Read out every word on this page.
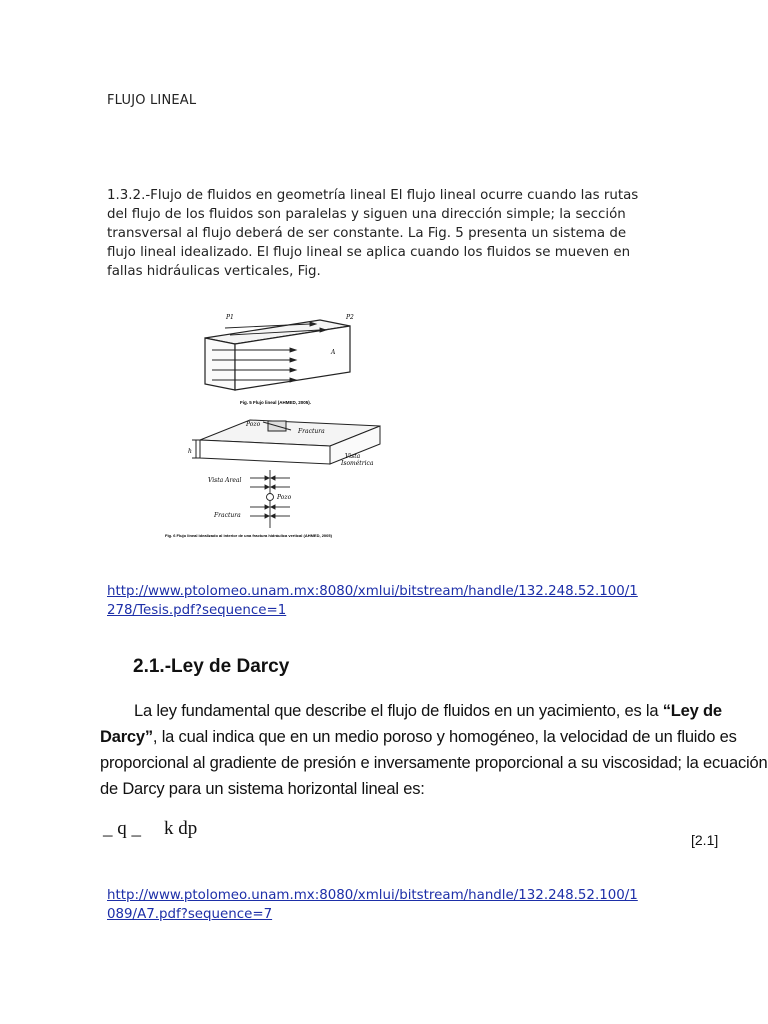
FLUJO LINEAL
1.3.2.-Flujo de fluidos en geometría lineal El flujo lineal ocurre cuando las rutas
del flujo de los fluidos son paralelas y siguen una dirección simple; la sección
transversal al flujo deberá de ser constante. La Fig. 5 presenta un sistema de
flujo lineal idealizado. El flujo lineal se aplica cuando los fluidos se mueven en
fallas hidráulicas verticales, Fig.
P1	P2
A
Fig. 5 Flujo lineal (AHMED, 2005).
Pozo
Fractura
h
Vista
Isométrica
Vista Areal
Pozo
Fractura
Fig. 6 Flujo lineal idealizado al interior de una fractura hidráulica vertical (AHMED, 2005)
http://www.ptolomeo.unam.mx:8080/xmlui/bitstream/handle/132.248.52.100/1
278/Tesis.pdf?sequence=1
2.1.-Ley de Darcy
La ley fundamental que describe el flujo de fluidos en un yacimiento, es la “Ley de
Darcy”, la cual indica que en un medio poroso y homogéneo, la velocidad de un fluido es
proporcional al gradiente de presión e inversamente proporcional a su viscosidad; la ecuación
de Darcy para un sistema horizontal lineal es:
_ q _ k dp
[2.1]
http://www.ptolomeo.unam.mx:8080/xmlui/bitstream/handle/132.248.52.100/1
089/A7.pdf?sequence=7
